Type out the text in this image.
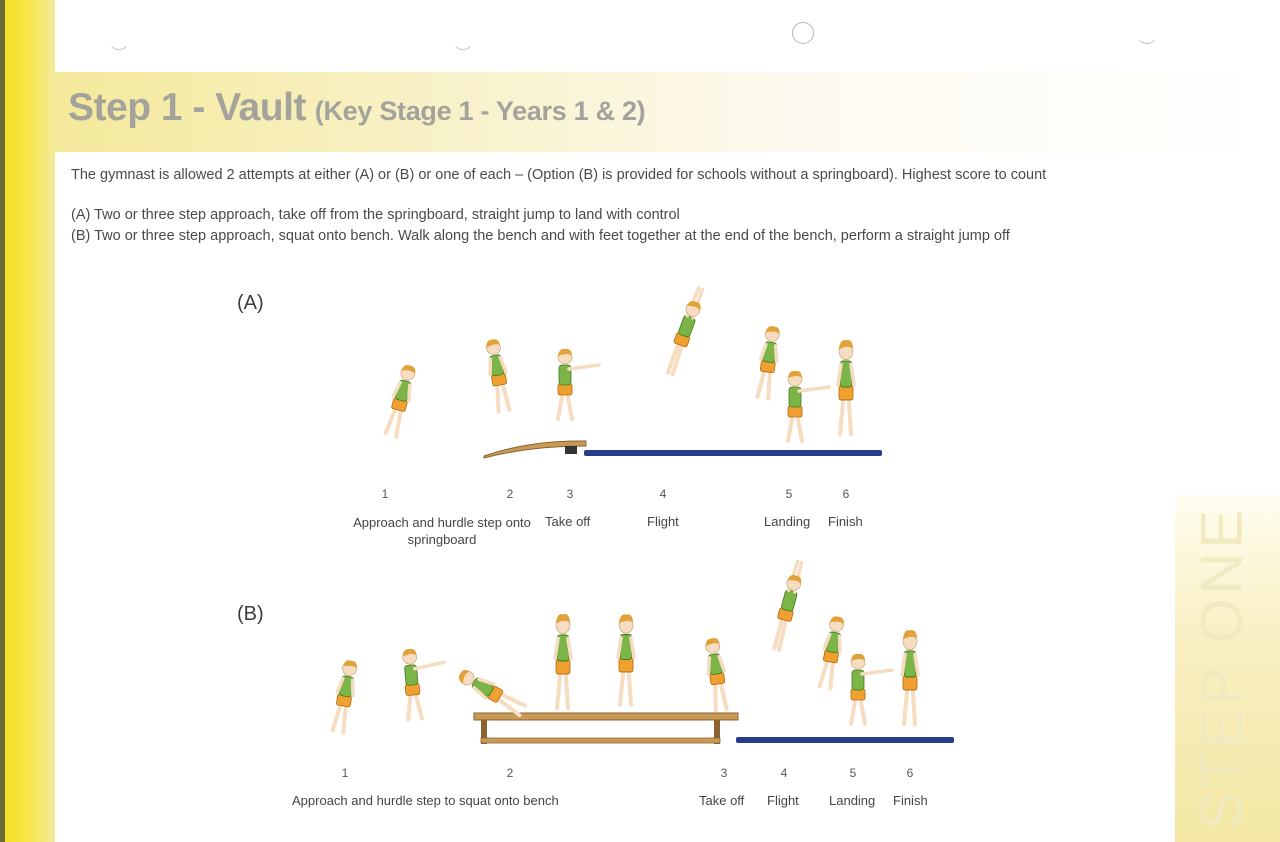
Step 1 - Vault (Key Stage 1 - Years 1 & 2)
The gymnast is allowed 2 attempts at either (A) or (B) or one of each – (Option (B) is provided for schools without a springboard). Highest score to count
(A) Two or three step approach, take off from the springboard, straight jump to land with control
(B) Two or three step approach, squat onto bench. Walk along the bench and with feet together at the end of the bench, perform a straight jump off
(A)
(B)
1	2	3	4	5	6
Approach and hurdle step onto springboard
Take off	Flight	Landing Finish
1	2	3	4	5	6
Approach and hurdle step to squat onto bench	Take off Flight Landing Finish	STEP ONE
